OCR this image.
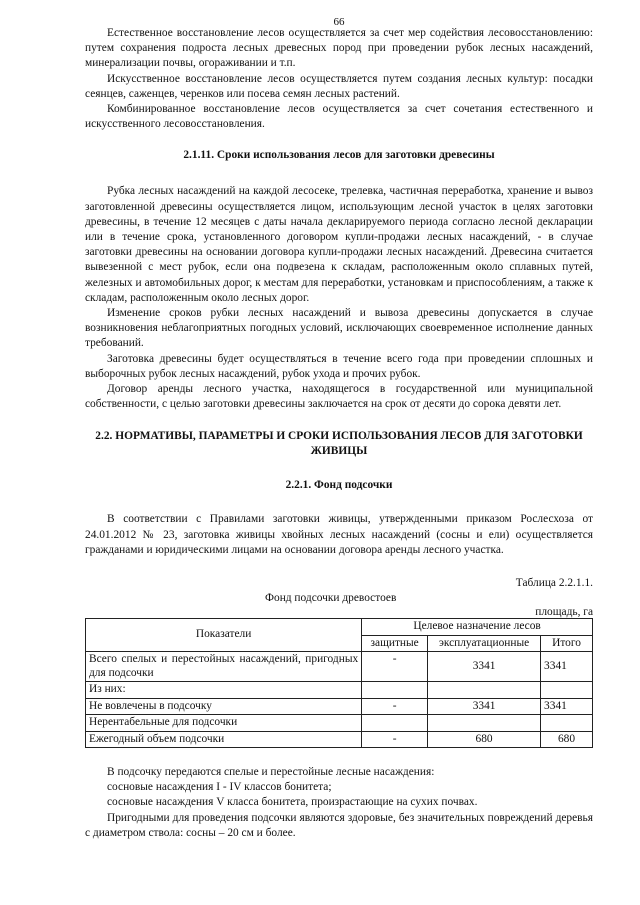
66

Естественное восстановление лесов осуществляется за счет мер содействия лесовосстановлению: путем сохранения подроста лесных древесных пород при проведении рубок лесных насаждений, минерализации почвы, огораживании и т.п.

Искусственное восстановление лесов осуществляется путем создания лесных культур: посадки сеянцев, саженцев, черенков или посева семян лесных растений.

Комбинированное восстановление лесов осуществляется за счет сочетания естественного и искусственного лесовосстановления.

2.1.11. Сроки использования лесов для заготовки древесины

Рубка лесных насаждений на каждой лесосеке, трелевка, частичная переработка, хранение и вывоз заготовленной древесины осуществляется лицом, использующим лесной участок в целях заготовки древесины, в течение 12 месяцев с даты начала декларируемого периода согласно лесной декларации или в течение срока, установленного договором купли-продажи лесных насаждений, - в случае заготовки древесины на основании договора купли-продажи лесных насаждений. Древесина считается вывезенной с мест рубок, если она подвезена к складам, расположенным около сплавных путей, железных и автомобильных дорог, к местам для переработки, установкам и приспособлениям, а также к складам, расположенным около лесных дорог.

Изменение сроков рубки лесных насаждений и вывоза древесины допускается в случае возникновения неблагоприятных погодных условий, исключающих своевременное исполнение данных требований.

Заготовка древесины будет осуществляться в течение всего года при проведении сплошных и выборочных рубок лесных насаждений, рубок ухода и прочих рубок.

Договор аренды лесного участка, находящегося в государственной или муниципальной собственности, с целью заготовки древесины заключается на срок от десяти до сорока девяти лет.

2.2. НОРМАТИВЫ, ПАРАМЕТРЫ И СРОКИ ИСПОЛЬЗОВАНИЯ ЛЕСОВ ДЛЯ ЗАГОТОВКИ ЖИВИЦЫ
2.2.1. Фонд подсочки

В соответствии с Правилами заготовки живицы, утвержденными приказом Рослесхоза от 24.01.2012 № 23, заготовка живицы хвойных лесных насаждений (сосны и ели) осуществляется гражданами и юридическими лицами на основании договора аренды лесного участка.

Таблица 2.2.1.1.
Фонд подсочки древостоев
площадь, га
Показатели	Целевое назначение лесов		
	защитные	эксплуатационные	Итого
Всего спелых и перестойных насаждений, пригодных для подсочки	-	3341	3341
Из них:			
Не вовлечены в подсочку	-	3341	3341
Нерентабельные для подсочки			
Ежегодный объем подсочки	-	680	680

В подсочку передаются спелые и перестойные лесные насаждения:

сосновые насаждения I - IV классов бонитета;

сосновые насаждения V класса бонитета, произрастающие на сухих почвах.

Пригодными для проведения подсочки являются здоровые, без значительных повреждений деревья с диаметром ствола: сосны – 20 см и более.
